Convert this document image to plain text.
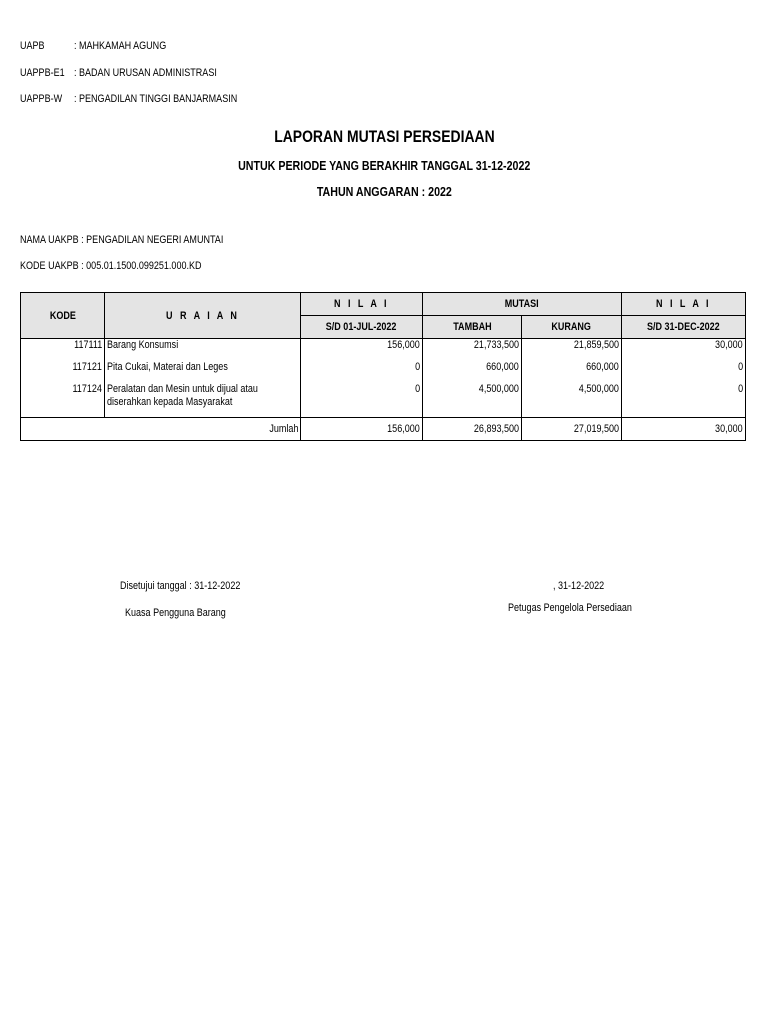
UAPB	: MAHKAMAH AGUNG
UAPPB-E1 : BADAN URUSAN ADMINISTRASI
UAPPB-W : PENGADILAN TINGGI BANJARMASIN
LAPORAN MUTASI PERSEDIAAN
UNTUK PERIODE YANG BERAKHIR TANGGAL 31-12-2022
TAHUN ANGGARAN : 2022
NAMA UAKPB : PENGADILAN NEGERI AMUNTAI
KODE UAKPB : 005.01.1500.099251.000.KD
KODE	U R A I A N	N I L A I	MUTASI		N I L A I
		S/D 01-JUL-2022	TAMBAH	KURANG	S/D 31-DEC-2022
117111	Barang Konsumsi	156,000	21,733,500	21,859,500	30,000
117121	Pita Cukai, Materai dan Leges	0	660,000	660,000	0
117124	Peralatan dan Mesin untuk dijual atau diserahkan kepada Masyarakat	0	4,500,000	4,500,000	0
Jumlah		156,000	26,893,500	27,019,500	30,000
Disetujui tanggal : 31-12-2022
Kuasa Pengguna Barang
, 31-12-2022
Petugas Pengelola Persediaan
